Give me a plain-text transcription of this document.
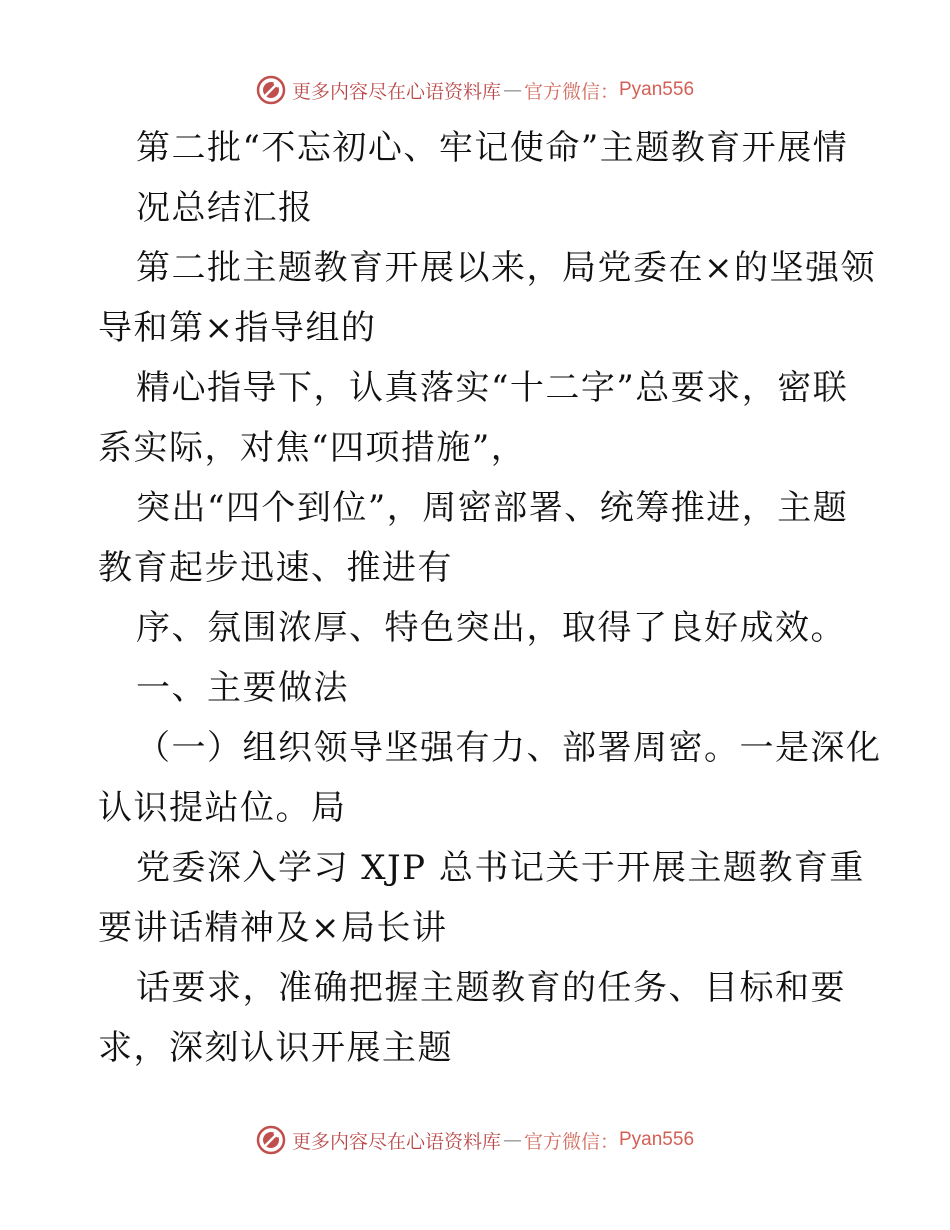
更多内容尽在心语资料库 — 官方微信： Pyan556
第二批“不忘初心、牢记使命”主题教育开展情
况总结汇报
第二批主题教育开展以来，局党委在×的坚强领
导和第×指导组的
精心指导下，认真落实“十二字”总要求，密联
系实际，对焦“四项措施”，
突出“四个到位”，周密部署、统筹推进，主题
教育起步迅速、推进有
序、氛围浓厚、特色突出，取得了良好成效。
一、主要做法
（一）组织领导坚强有力、部署周密。一是深化
认识提站位。局
党委深入学习 XJP 总书记关于开展主题教育重
要讲话精神及×局长讲
话要求，准确把握主题教育的任务、目标和要
求，深刻认识开展主题
更多内容尽在心语资料库 — 官方微信： Pyan556
